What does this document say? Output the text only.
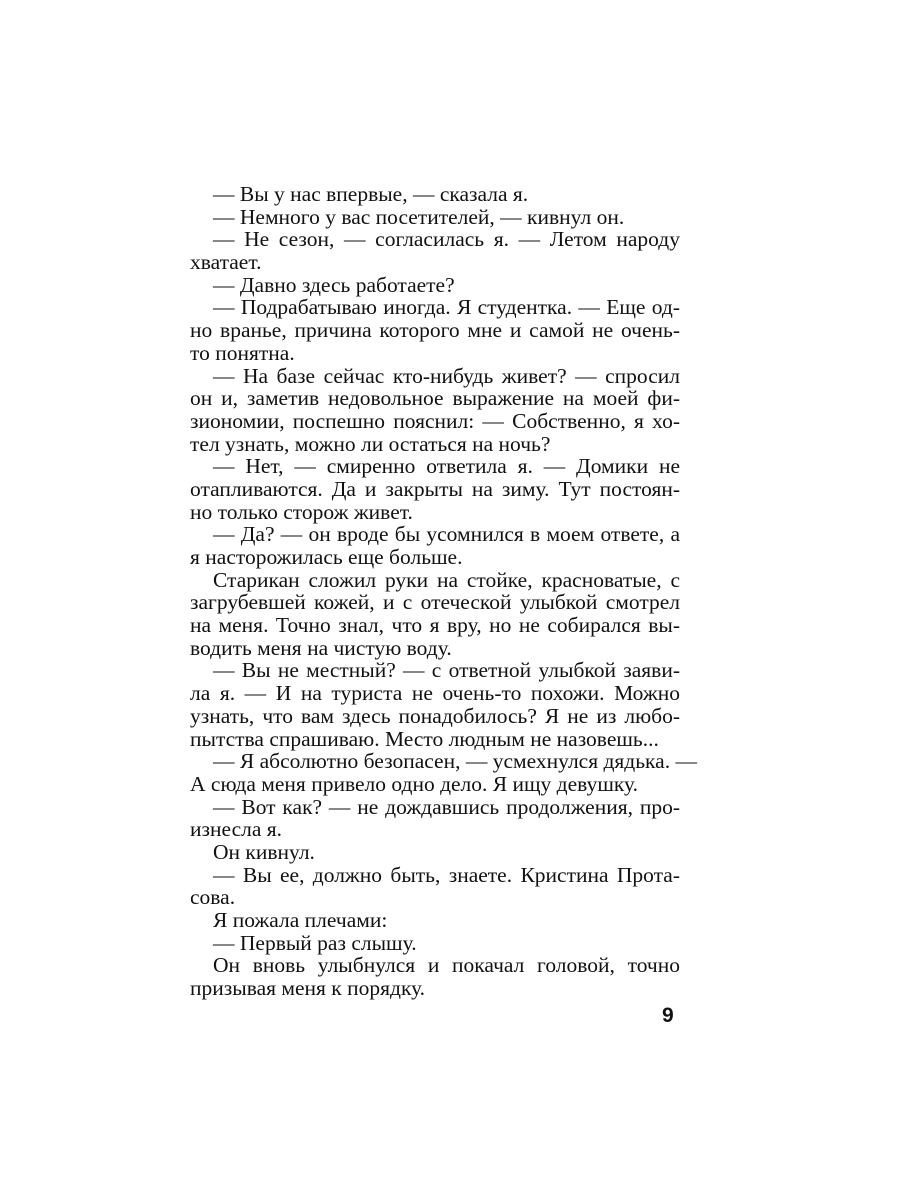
— Вы у нас впервые, — сказала я.
— Немного у вас посетителей, — кивнул он.
— Не сезон, — согласилась я. — Летом народу
хватает.
— Давно здесь работаете?
— Подрабатываю иногда. Я студентка. — Еще од-
но вранье, причина которого мне и самой не очень-
то понятна.
— На базе сейчас кто-нибудь живет? — спросил
он и, заметив недовольное выражение на моей фи-
зиономии, поспешно пояснил: — Собственно, я хо-
тел узнать, можно ли остаться на ночь?
— Нет, — смиренно ответила я. — Домики не
отапливаются. Да и закрыты на зиму. Тут постоян-
но только сторож живет.
— Да? — он вроде бы усомнился в моем ответе, а
я насторожилась еще больше.
Старикан сложил руки на стойке, красноватые, с
загрубевшей кожей, и с отеческой улыбкой смотрел
на меня. Точно знал, что я вру, но не собирался вы-
водить меня на чистую воду.
— Вы не местный? — с ответной улыбкой заяви-
ла я. — И на туриста не очень-то похожи. Можно
узнать, что вам здесь понадобилось? Я не из любо-
пытства спрашиваю. Место людным не назовешь...
— Я абсолютно безопасен, — усмехнулся дядька. —
А сюда меня привело одно дело. Я ищу девушку.
— Вот как? — не дождавшись продолжения, про-
изнесла я.
Он кивнул.
— Вы ее, должно быть, знаете. Кристина Прота-
сова.
Я пожала плечами:
— Первый раз слышу.
Он вновь улыбнулся и покачал головой, точно
призывая меня к порядку.
9
